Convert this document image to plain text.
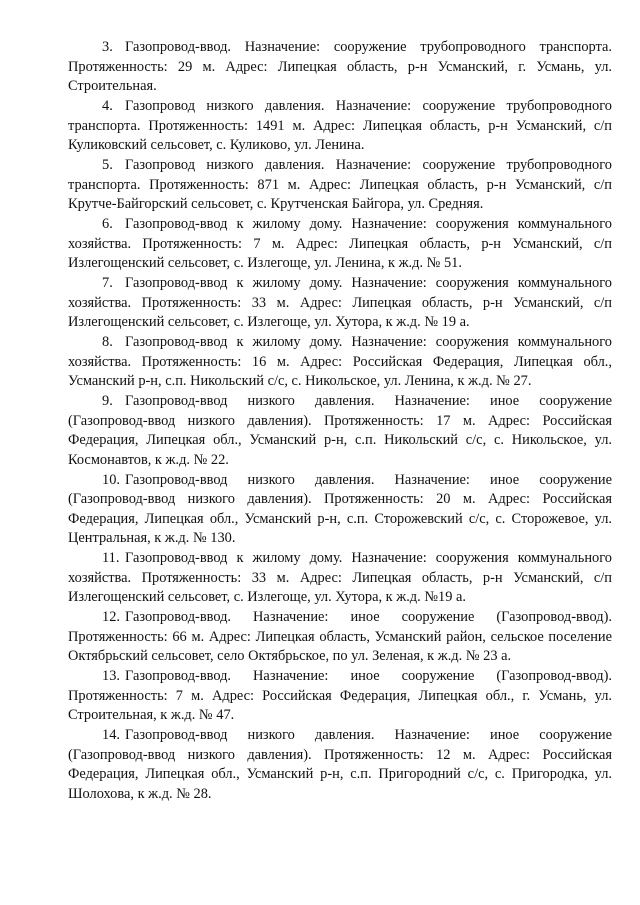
3. Газопровод-ввод. Назначение: сооружение трубопроводного транспорта. Протяженность: 29 м. Адрес: Липецкая область, р-н Усманский, г. Усмань, ул. Строительная.

4. Газопровод низкого давления. Назначение: сооружение трубопроводного транспорта. Протяженность: 1491 м. Адрес: Липецкая область, р-н Усманский, с/п Куликовский сельсовет, с. Куликово, ул. Ленина.

5. Газопровод низкого давления. Назначение: сооружение трубопроводного транспорта. Протяженность: 871 м. Адрес: Липецкая область, р-н Усманский, с/п Крутче-Байгорский сельсовет, с. Крутченская Байгора, ул. Средняя.

6. Газопровод-ввод к жилому дому. Назначение: сооружения коммунального хозяйства. Протяженность: 7 м. Адрес: Липецкая область, р-н Усманский, с/п Излегощенский сельсовет, с. Излегоще, ул. Ленина, к ж.д. № 51.

7. Газопровод-ввод к жилому дому. Назначение: сооружения коммунального хозяйства. Протяженность: 33 м. Адрес: Липецкая область, р-н Усманский, с/п Излегощенский сельсовет, с. Излегоще, ул. Хутора, к ж.д. № 19 а.

8. Газопровод-ввод к жилому дому. Назначение: сооружения коммунального хозяйства. Протяженность: 16 м. Адрес: Российская Федерация, Липецкая обл., Усманский р-н, с.п. Никольский с/с, с. Никольское, ул. Ленина, к ж.д. № 27.

9. Газопровод-ввод низкого давления. Назначение: иное сооружение (Газопровод-ввод низкого давления). Протяженность: 17 м. Адрес: Российская Федерация, Липецкая обл., Усманский р-н, с.п. Никольский с/с, с. Никольское, ул. Космонавтов, к ж.д. № 22.

10. Газопровод-ввод низкого давления. Назначение: иное сооружение (Газопровод-ввод низкого давления). Протяженность: 20 м. Адрес: Российская Федерация, Липецкая обл., Усманский р-н, с.п. Сторожевский с/с, с. Сторожевое, ул. Центральная, к ж.д. № 130.

11. Газопровод-ввод к жилому дому. Назначение: сооружения коммунального хозяйства. Протяженность: 33 м. Адрес: Липецкая область, р-н Усманский, с/п Излегощенский сельсовет, с. Излегоще, ул. Хутора, к ж.д. №19 а.

12. Газопровод-ввод. Назначение: иное сооружение (Газопровод-ввод). Протяженность: 66 м. Адрес: Липецкая область, Усманский район, сельское поселение Октябрьский сельсовет, село Октябрьское, по ул. Зеленая, к ж.д. № 23 а.

13. Газопровод-ввод. Назначение: иное сооружение (Газопровод-ввод). Протяженность: 7 м. Адрес: Российская Федерация, Липецкая обл., г. Усмань, ул. Строительная, к ж.д. № 47.

14. Газопровод-ввод низкого давления. Назначение: иное сооружение (Газопровод-ввод низкого давления). Протяженность: 12 м. Адрес: Российская Федерация, Липецкая обл., Усманский р-н, с.п. Пригородний с/с, с. Пригородка, ул. Шолохова, к ж.д. № 28.
